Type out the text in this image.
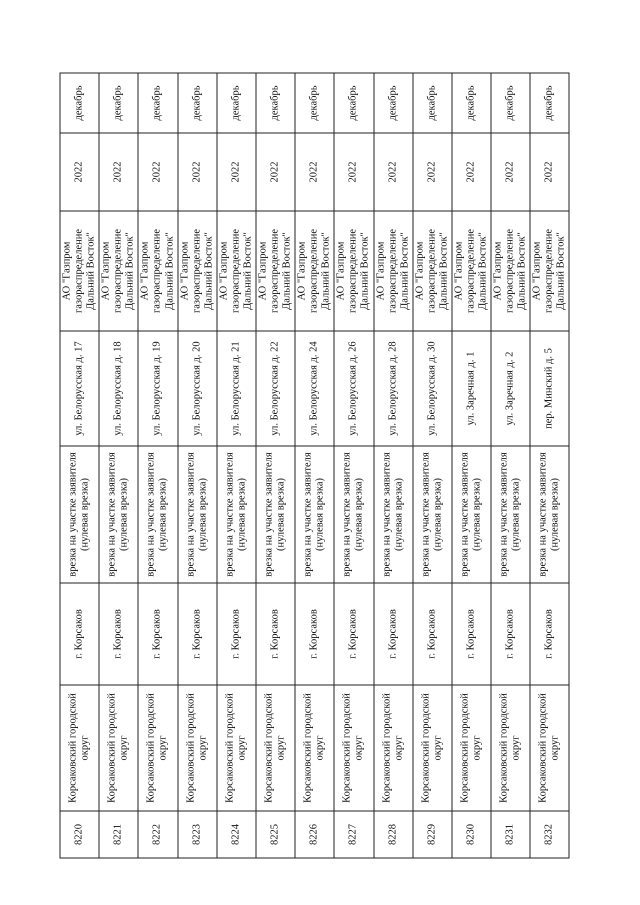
8220	Корсаковский городской округ	г. Корсаков	врезка на участке заявителя (нулевая врезка)	ул. Белорусская д. 17	АО "Газпром газораспределение Дальний Восток"	2022	декабрь
8221	Корсаковский городской округ	г. Корсаков	врезка на участке заявителя (нулевая врезка)	ул. Белорусская д. 18	АО "Газпром газораспределение Дальний Восток"	2022	декабрь
8222	Корсаковский городской округ	г. Корсаков	врезка на участке заявителя (нулевая врезка)	ул. Белорусская д. 19	АО "Газпром газораспределение Дальний Восток"	2022	декабрь
8223	Корсаковский городской округ	г. Корсаков	врезка на участке заявителя (нулевая врезка)	ул. Белорусская д. 20	АО "Газпром газораспределение Дальний Восток"	2022	декабрь
8224	Корсаковский городской округ	г. Корсаков	врезка на участке заявителя (нулевая врезка)	ул. Белорусская д. 21	АО "Газпром газораспределение Дальний Восток"	2022	декабрь
8225	Корсаковский городской округ	г. Корсаков	врезка на участке заявителя (нулевая врезка)	ул. Белорусская д. 22	АО "Газпром газораспределение Дальний Восток"	2022	декабрь
8226	Корсаковский городской округ	г. Корсаков	врезка на участке заявителя (нулевая врезка)	ул. Белорусская д. 24	АО "Газпром газораспределение Дальний Восток"	2022	декабрь
8227	Корсаковский городской округ	г. Корсаков	врезка на участке заявителя (нулевая врезка)	ул. Белорусская д. 26	АО "Газпром газораспределение Дальний Восток"	2022	декабрь
8228	Корсаковский городской округ	г. Корсаков	врезка на участке заявителя (нулевая врезка)	ул. Белорусская д. 28	АО "Газпром газораспределение Дальний Восток"	2022	декабрь
8229	Корсаковский городской округ	г. Корсаков	врезка на участке заявителя (нулевая врезка)	ул. Белорусская д. 30	АО "Газпром газораспределение Дальний Восток"	2022	декабрь
8230	Корсаковский городской округ	г. Корсаков	врезка на участке заявителя (нулевая врезка)	ул. Заречная д. 1	АО "Газпром газораспределение Дальний Восток"	2022	декабрь
8231	Корсаковский городской округ	г. Корсаков	врезка на участке заявителя (нулевая врезка)	ул. Заречная д. 2	АО "Газпром газораспределение Дальний Восток"	2022	декабрь
8232	Корсаковский городской округ	г. Корсаков	врезка на участке заявителя (нулевая врезка)	пер. Минский д. 5	АО "Газпром газораспределение Дальний Восток"	2022	декабрь
